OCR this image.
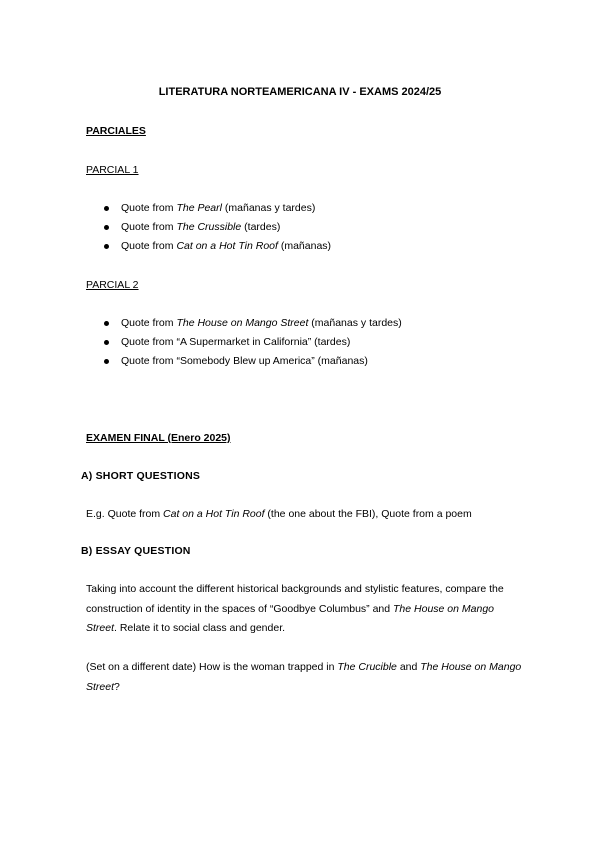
LITERATURA NORTEAMERICANA IV - EXAMS 2024/25
PARCIALES
PARCIAL 1
Quote from The Pearl (mañanas y tardes)
Quote from The Crussible (tardes)
Quote from Cat on a Hot Tin Roof (mañanas)
PARCIAL 2
Quote from The House on Mango Street (mañanas y tardes)
Quote from “A Supermarket in California” (tardes)
Quote from “Somebody Blew up America” (mañanas)
EXAMEN FINAL (Enero 2025)
A) SHORT QUESTIONS
E.g. Quote from Cat on a Hot Tin Roof (the one about the FBI), Quote from a poem
B) ESSAY QUESTION
Taking into account the different historical backgrounds and stylistic features, compare the construction of identity in the spaces of “Goodbye Columbus” and The House on Mango Street. Relate it to social class and gender.
(Set on a different date) How is the woman trapped in The Crucible and The House on Mango Street?
